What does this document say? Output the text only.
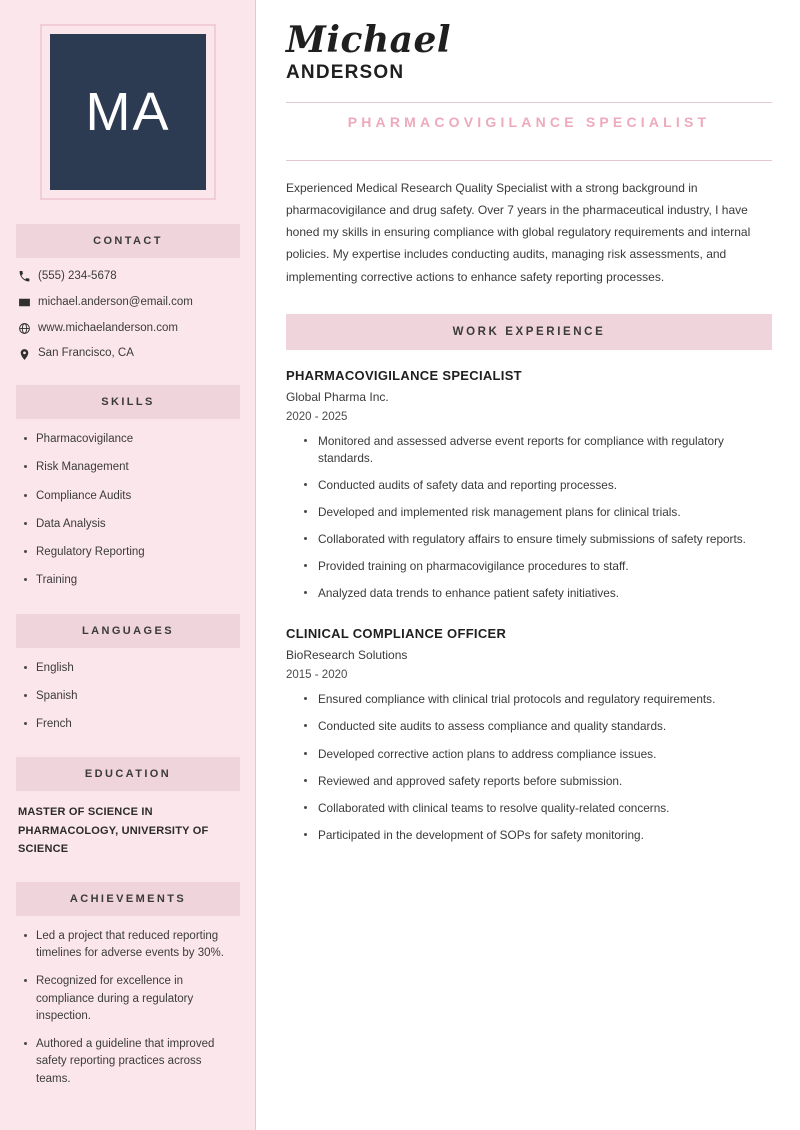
MA
CONTACT
(555) 234-5678
michael.anderson@email.com
www.michaelanderson.com
San Francisco, CA
SKILLS
Pharmacovigilance
Risk Management
Compliance Audits
Data Analysis
Regulatory Reporting
Training
LANGUAGES
English
Spanish
French
EDUCATION
MASTER OF SCIENCE IN PHARMACOLOGY, UNIVERSITY OF SCIENCE
ACHIEVEMENTS
Led a project that reduced reporting timelines for adverse events by 30%.
Recognized for excellence in compliance during a regulatory inspection.
Authored a guideline that improved safety reporting practices across teams.
Michael
ANDERSON
PHARMACOVIGILANCE SPECIALIST

Experienced Medical Research Quality Specialist with a strong background in pharmacovigilance and drug safety. Over 7 years in the pharmaceutical industry, I have honed my skills in ensuring compliance with global regulatory requirements and internal policies. My expertise includes conducting audits, managing risk assessments, and implementing corrective actions to enhance safety reporting processes.

WORK EXPERIENCE
PHARMACOVIGILANCE SPECIALIST
Global Pharma Inc.
2020 - 2025
Monitored and assessed adverse event reports for compliance with regulatory standards.
Conducted audits of safety data and reporting processes.
Developed and implemented risk management plans for clinical trials.
Collaborated with regulatory affairs to ensure timely submissions of safety reports.
Provided training on pharmacovigilance procedures to staff.
Analyzed data trends to enhance patient safety initiatives.
CLINICAL COMPLIANCE OFFICER
BioResearch Solutions
2015 - 2020
Ensured compliance with clinical trial protocols and regulatory requirements.
Conducted site audits to assess compliance and quality standards.
Developed corrective action plans to address compliance issues.
Reviewed and approved safety reports before submission.
Collaborated with clinical teams to resolve quality-related concerns.
Participated in the development of SOPs for safety monitoring.
